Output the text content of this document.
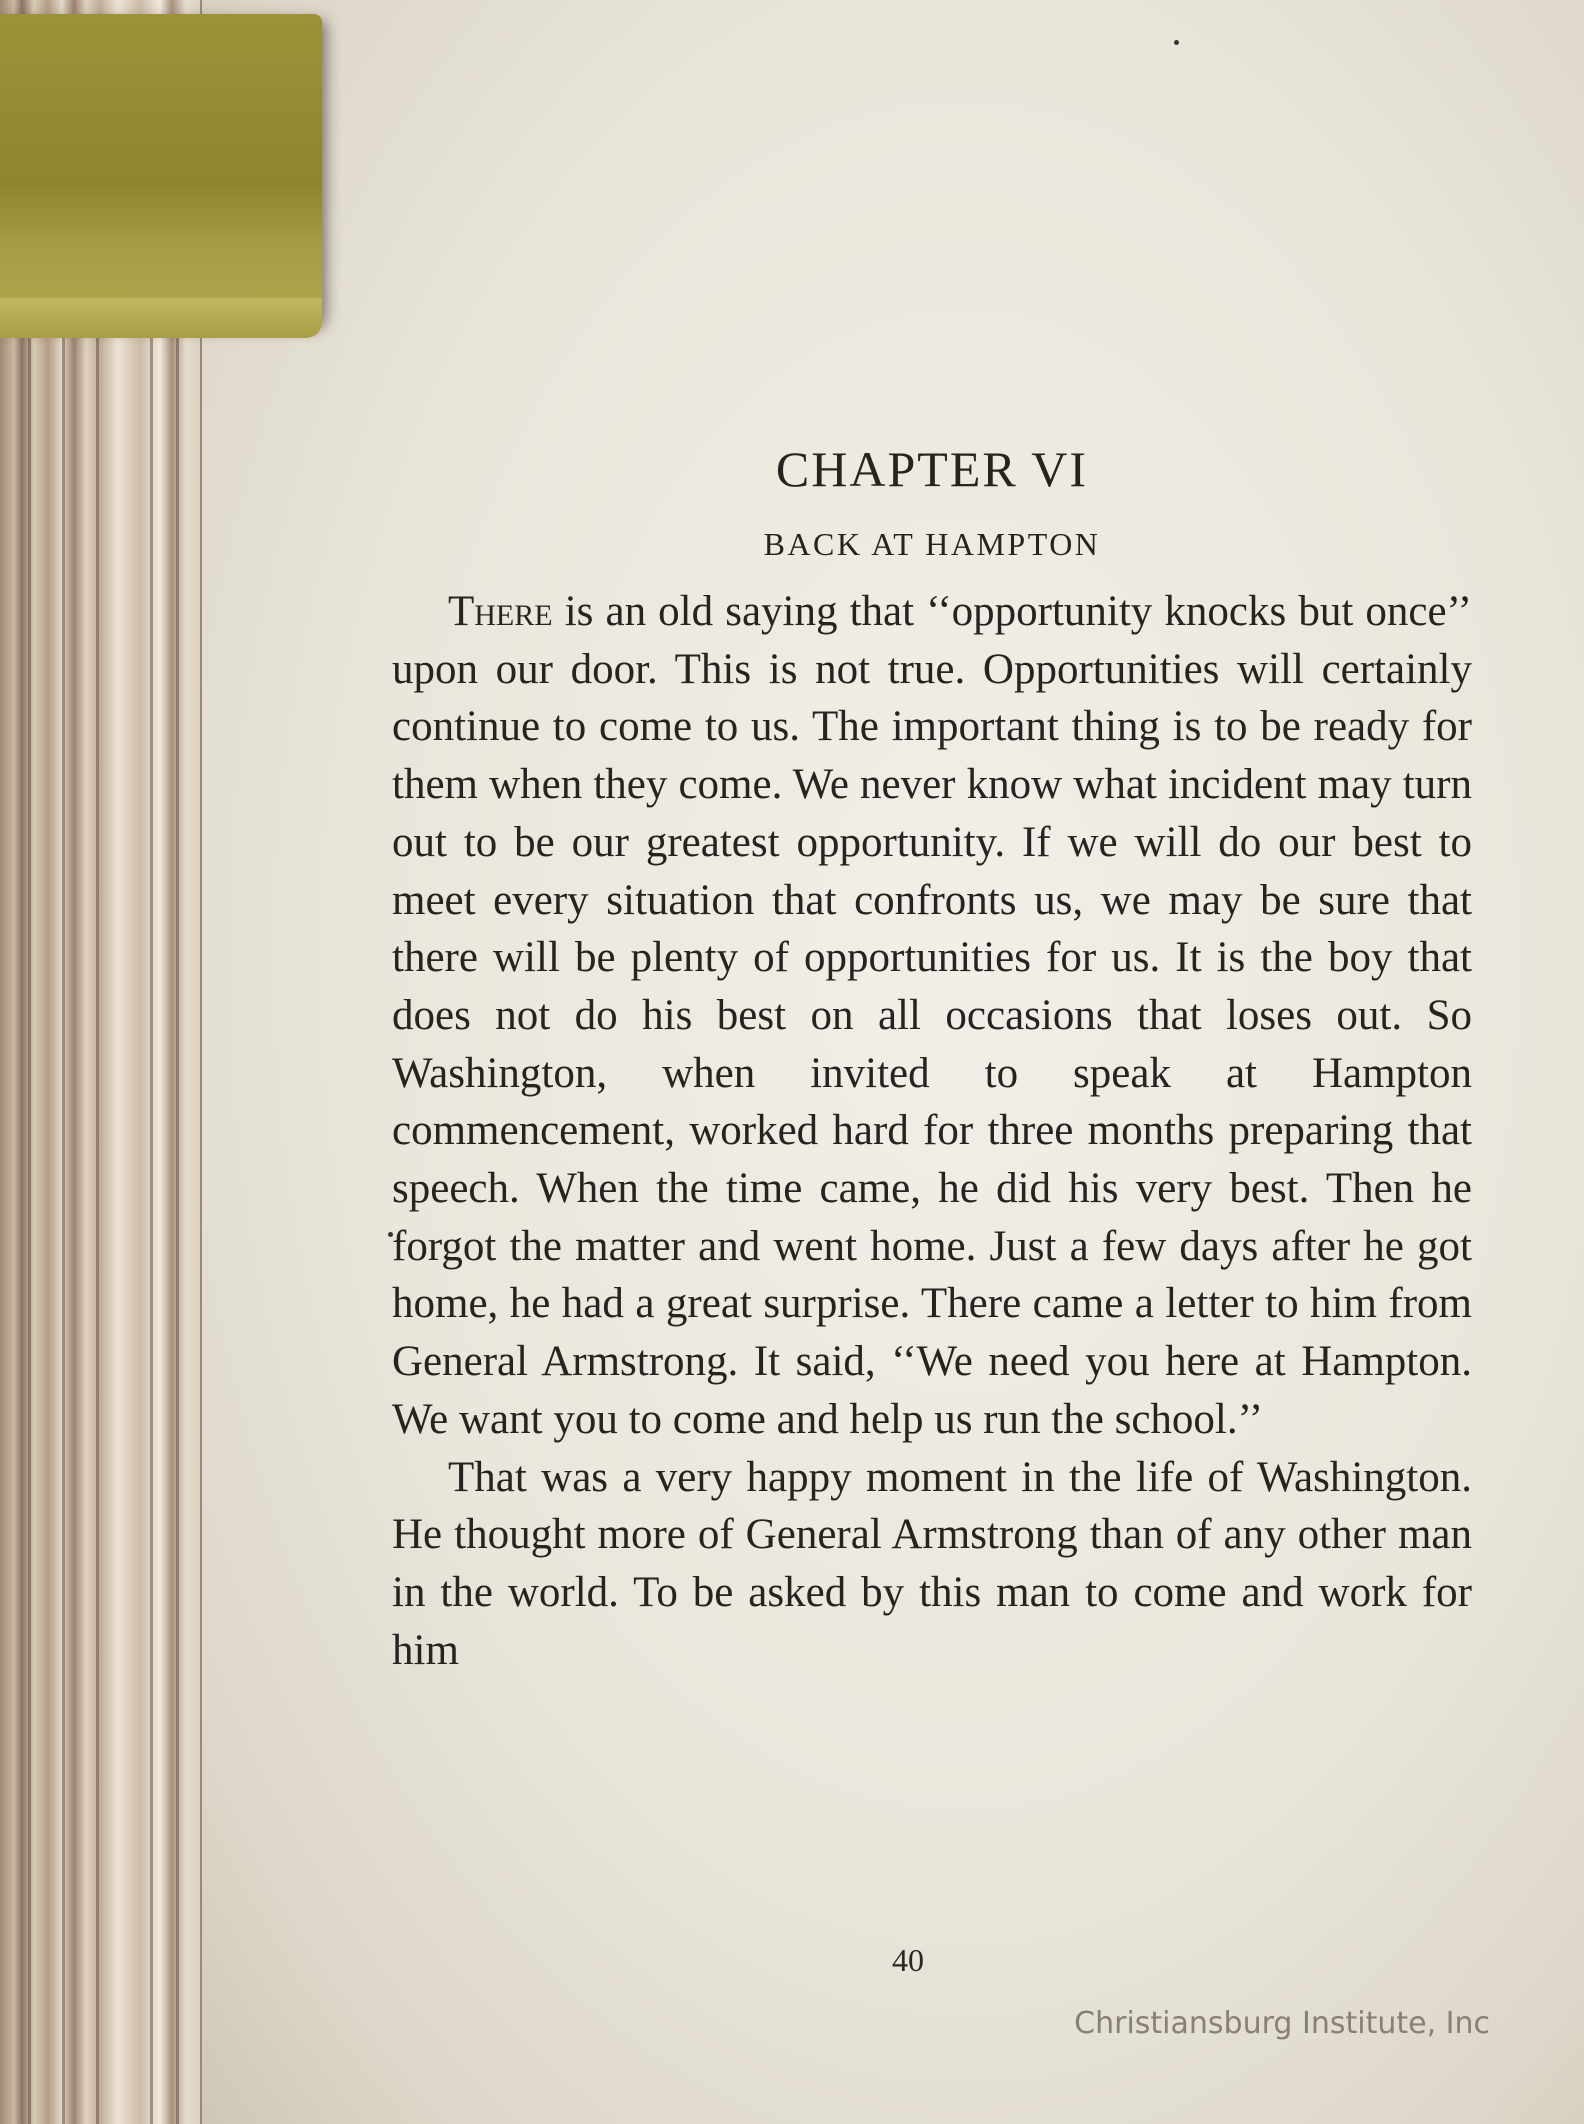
CHAPTER VI
BACK AT HAMPTON

There is an old saying that ‘‘opportunity knocks but once’’ upon our door. This is not true. Opportunities will certainly continue to come to us. The important thing is to be ready for them when they come. We never know what incident may turn out to be our greatest opportunity. If we will do our best to meet every situation that confronts us, we may be sure that there will be plenty of opportunities for us. It is the boy that does not do his best on all occasions that loses out. So Washington, when invited to speak at Hampton commencement, worked hard for three months preparing that speech. When the time came, he did his very best. Then he forgot the matter and went home. Just a few days after he got home, he had a great surprise. There came a letter to him from General Armstrong. It said, ‘‘We need you here at Hampton. We want you to come and help us run the school.’’

That was a very happy moment in the life of Washington. He thought more of General Armstrong than of any other man in the world. To be asked by this man to come and work for him

40
Christiansburg Institute, Inc
